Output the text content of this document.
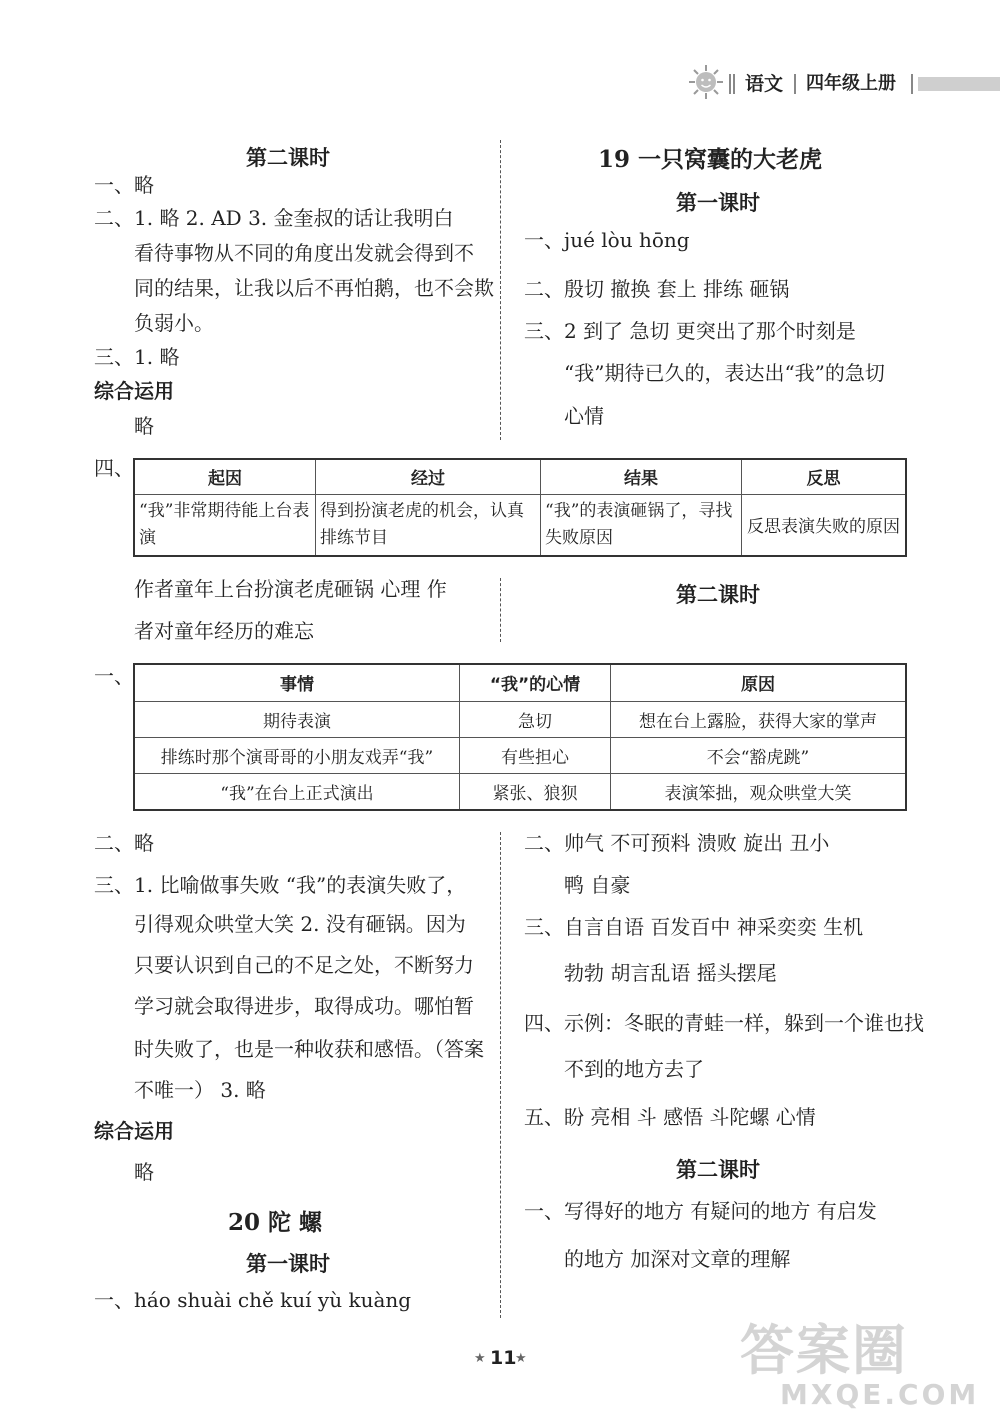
语文 四年级上册
第二课时
一、略
二、1. 略 2. AD 3. 金奎叔的话让我明白
看待事物从不同的角度出发就会得到不
同的结果，让我以后不再怕鹅，也不会欺
负弱小。
三、1. 略
综合运用
略
19 一只窝囊的大老虎
第一课时
一、jué lòu hōng
二、殷切 撤换 套上 排练 砸锅
三、2 到了 急切 更突出了那个时刻是
“我”期待已久的，表达出“我”的急切
心情
四、	起因	经过	结果	反思
“我”非常期待能上台表演	得到扮演老虎的机会，认真排练节目	“我”的表演砸锅了，寻找失败原因	反思表演失败的原因
作者童年上台扮演老虎砸锅 心理 作
者对童年经历的难忘
第二课时
一、	事情	“我”的心情	原因
期待表演	急切	想在台上露脸，获得大家的掌声
排练时那个演哥哥的小朋友戏弄“我”	有些担心	不会“豁虎跳”
“我”在台上正式演出	紧张、狼狈	表演笨拙，观众哄堂大笑
二、略
三、1. 比喻做事失败 “我”的表演失败了，
引得观众哄堂大笑 2. 没有砸锅。因为
只要认识到自己的不足之处，不断努力
学习就会取得进步，取得成功。哪怕暂
时失败了，也是一种收获和感悟。（答案
不唯一） 3. 略
综合运用
略
20 陀 螺
第一课时
一、háo shuài chě kuí yù kuàng
二、帅气 不可预料 溃败 旋出 丑小
鸭 自豪
三、自言自语 百发百中 神采奕奕 生机
勃勃 胡言乱语 摇头摆尾
四、示例：冬眠的青蛙一样，躲到一个谁也找
不到的地方去了
五、盼 亮相 斗 感悟 斗陀螺 心情
第二课时
一、写得好的地方 有疑问的地方 有启发
的地方 加深对文章的理解
★ 11
★	答案圈
MXQE.COM
